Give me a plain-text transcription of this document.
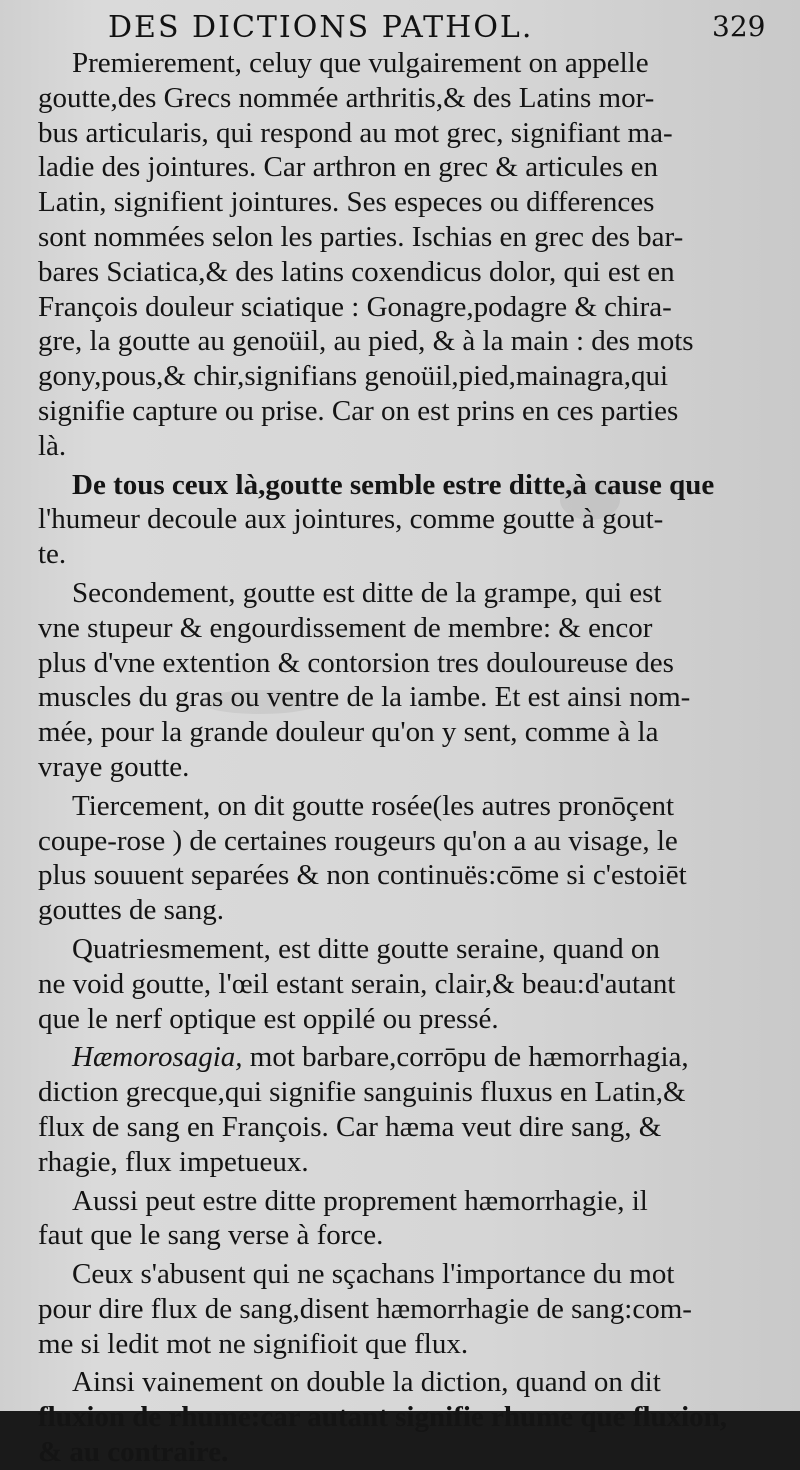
DES DICTIONS PATHOL.	329
Premierement, celuy que vulgairement on appelle
goutte,des Grecs nommée arthritis,& des Latins mor-
bus articularis, qui respond au mot grec, signifiant ma-
ladie des jointures. Car arthron en grec & articules en
Latin, signifient jointures. Ses especes ou differences
sont nommées selon les parties. Ischias en grec des bar-
bares Sciatica,& des latins coxendicus dolor, qui est en
François douleur sciatique : Gonagre,podagre & chira-
gre, la goutte au genoüil, au pied, & à la main : des mots
gony,pous,& chir,signifians genoüil,pied,mainagra,qui
signifie capture ou prise. Car on est prins en ces parties
là.
De tous ceux là,goutte semble estre ditte,à cause que
l'humeur decoule aux jointures, comme goutte à gout-
te.
Secondement, goutte est ditte de la grampe, qui est
vne stupeur & engourdissement de membre: & encor
plus d'vne extention & contorsion tres douloureuse des
muscles du gras ou ventre de la iambe. Et est ainsi nom-
mée, pour la grande douleur qu'on y sent, comme à la
vraye goutte.
Tiercement, on dit goutte rosée(les autres pronōçent
coupe-rose ) de certaines rougeurs qu'on a au visage, le
plus souuent separées & non continuës:cōme si c'estoiēt
gouttes de sang.
Quatriesmement, est ditte goutte seraine, quand on
ne void goutte, l'œil estant serain, clair,& beau:d'autant
que le nerf optique est oppilé ou pressé.
Hæmorosagia, mot barbare,corrōpu de hæmorrhagia,
diction grecque,qui signifie sanguinis fluxus en Latin,&
flux de sang en François. Car hæma veut dire sang, &
rhagie, flux impetueux.
Aussi peut estre ditte proprement hæmorrhagie, il
faut que le sang verse à force.
Ceux s'abusent qui ne sçachans l'importance du mot
pour dire flux de sang,disent hæmorrhagie de sang:com-
me si ledit mot ne signifioit que flux.
Ainsi vainement on double la diction, quand on dit
fluxion de rhume:car autant signifie rhume que fluxion,
& au contraire.
